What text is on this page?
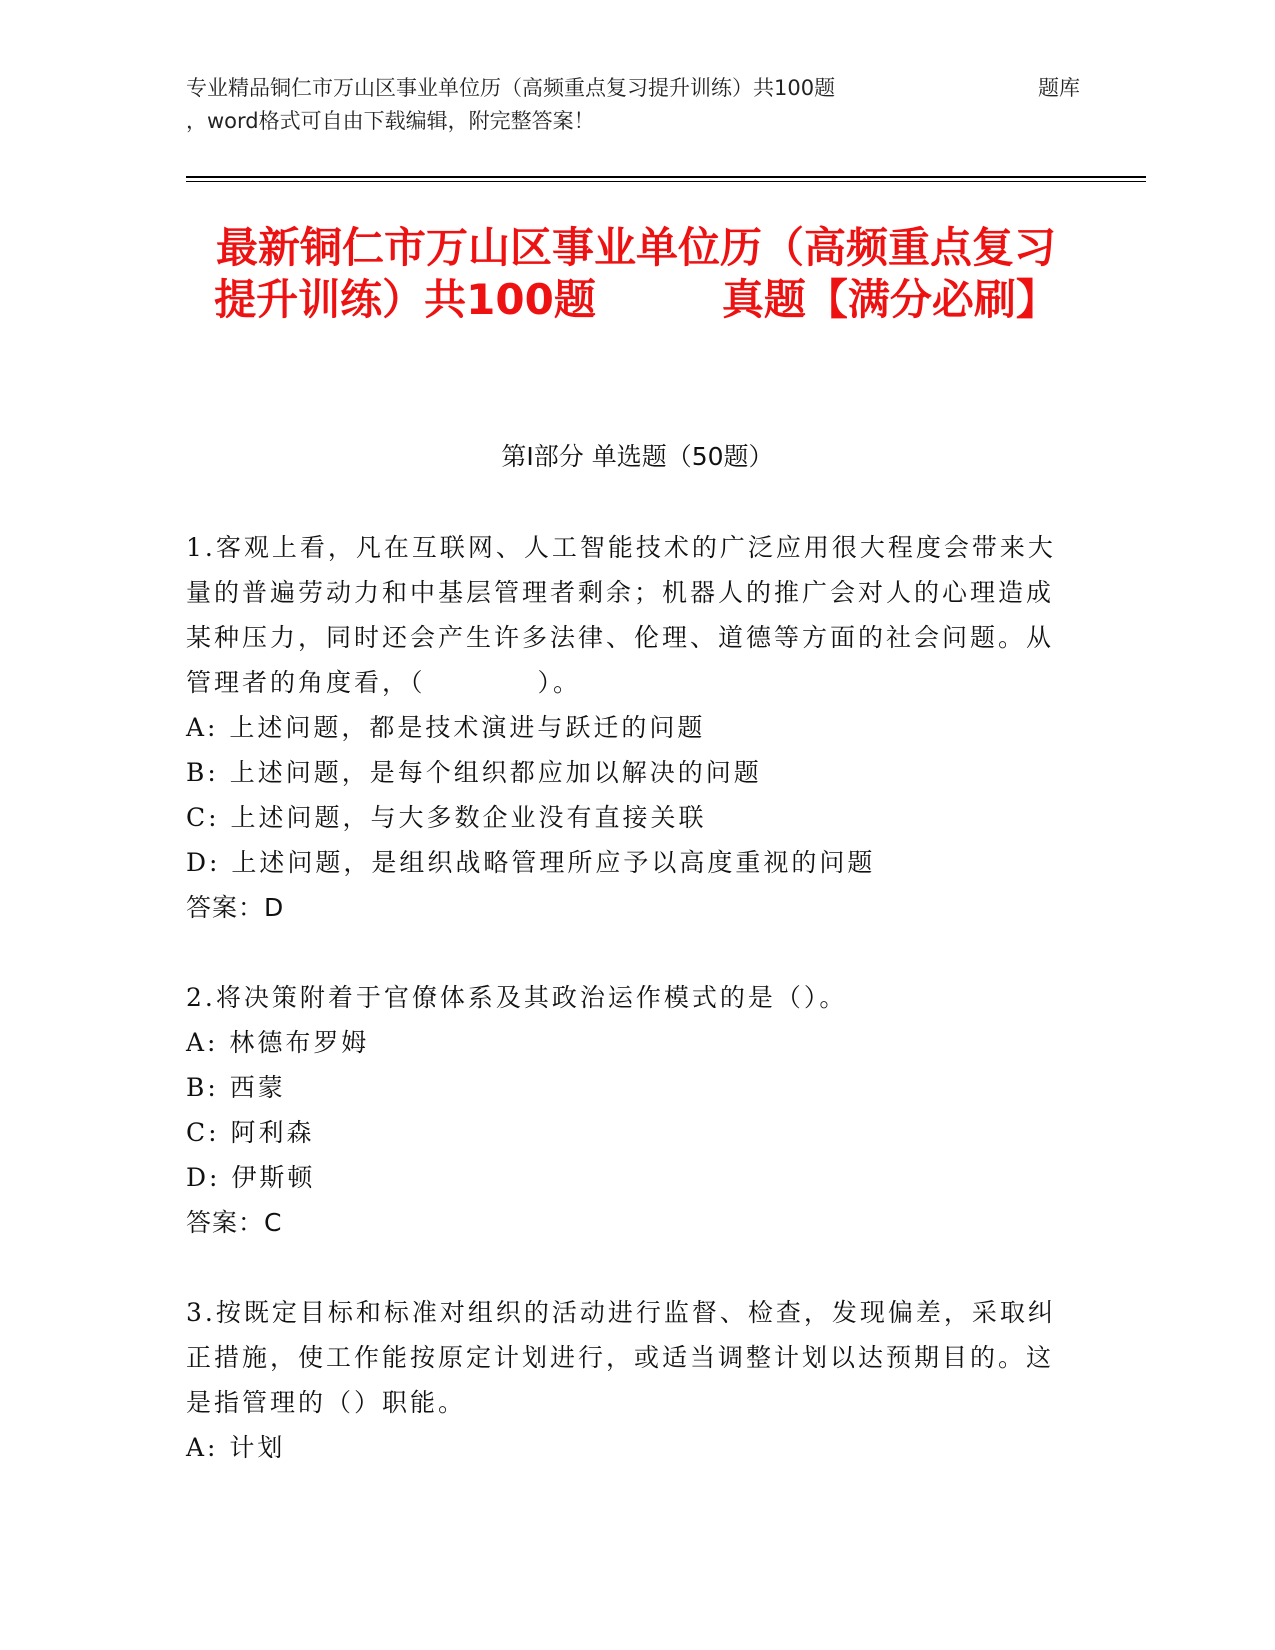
专业精品铜仁市万山区事业单位历（高频重点复习提升训练）共100题	题库
，word格式可自由下载编辑，附完整答案！
最新铜仁市万山区事业单位历（高频重点复习提升训练）共100题　　　真题【满分必刷】
第I部分 单选题（50题）

1.客观上看，凡在互联网、人工智能技术的广泛应用很大程度会带来大量的普遍劳动力和中基层管理者剩余；机器人的推广会对人的心理造成某种压力，同时还会产生许多法律、伦理、道德等方面的社会问题。从管理者的角度看，（　　　　）。

A: 上述问题，都是技术演进与跃迁的问题

B: 上述问题，是每个组织都应加以解决的问题

C: 上述问题，与大多数企业没有直接关联

D: 上述问题，是组织战略管理所应予以高度重视的问题

答案：D

2.将决策附着于官僚体系及其政治运作模式的是（）。

A: 林德布罗姆

B: 西蒙

C: 阿利森

D: 伊斯顿

答案：C

3.按既定目标和标准对组织的活动进行监督、检查，发现偏差，采取纠正措施，使工作能按原定计划进行，或适当调整计划以达预期目的。这是指管理的（）职能。

A: 计划
